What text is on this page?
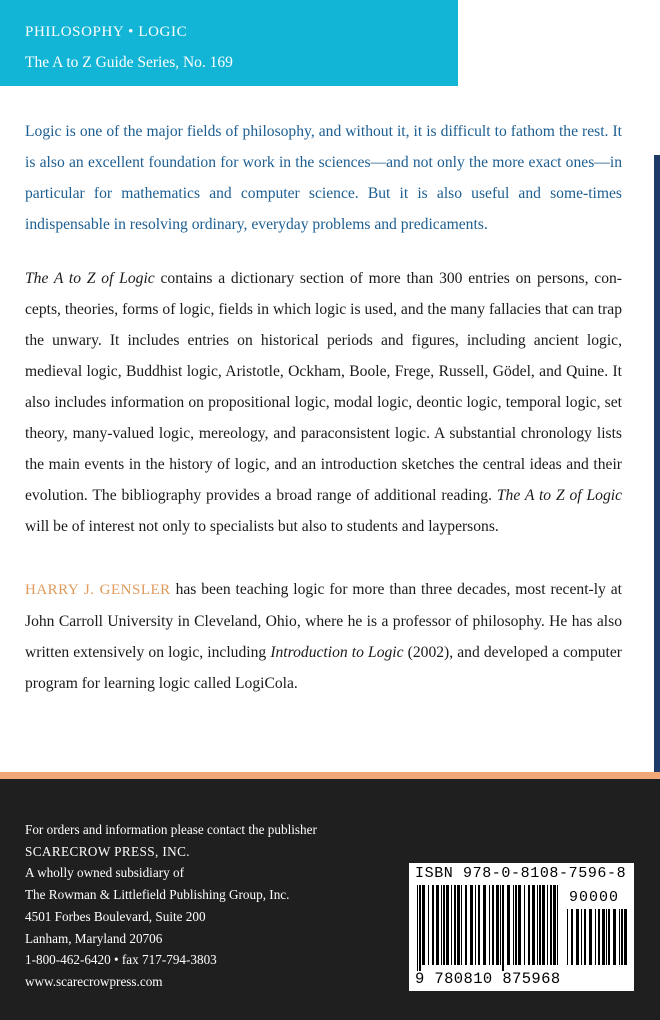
PHILOSOPHY • LOGIC
The A to Z Guide Series, No. 169
Logic is one of the major fields of philosophy, and without it, it is difficult to fathom the rest. It is also an excellent foundation for work in the sciences—and not only the more exact ones—in particular for mathematics and computer science. But it is also useful and some-times indispensable in resolving ordinary, everyday problems and predicaments.
The A to Z of Logic contains a dictionary section of more than 300 entries on persons, con-cepts, theories, forms of logic, fields in which logic is used, and the many fallacies that can trap the unwary. It includes entries on historical periods and figures, including ancient logic, medieval logic, Buddhist logic, Aristotle, Ockham, Boole, Frege, Russell, Gödel, and Quine. It also includes information on propositional logic, modal logic, deontic logic, temporal logic, set theory, many-valued logic, mereology, and paraconsistent logic. A substantial chronology lists the main events in the history of logic, and an introduction sketches the central ideas and their evolution. The bibliography provides a broad range of additional reading. The A to Z of Logic will be of interest not only to specialists but also to students and laypersons.
HARRY J. GENSLER has been teaching logic for more than three decades, most recent-ly at John Carroll University in Cleveland, Ohio, where he is a professor of philosophy. He has also written extensively on logic, including Introduction to Logic (2002), and developed a computer program for learning logic called LogiCola.
For orders and information please contact the publisher
SCARECROW PRESS, INC.
A wholly owned subsidiary of
The Rowman & Littlefield Publishing Group, Inc.
4501 Forbes Boulevard, Suite 200
Lanham, Maryland 20706
1-800-462-6420 • fax 717-794-3803
www.scarecrowpress.com
ISBN 978-0-8108-7596-8
90000
9 780810 875968
